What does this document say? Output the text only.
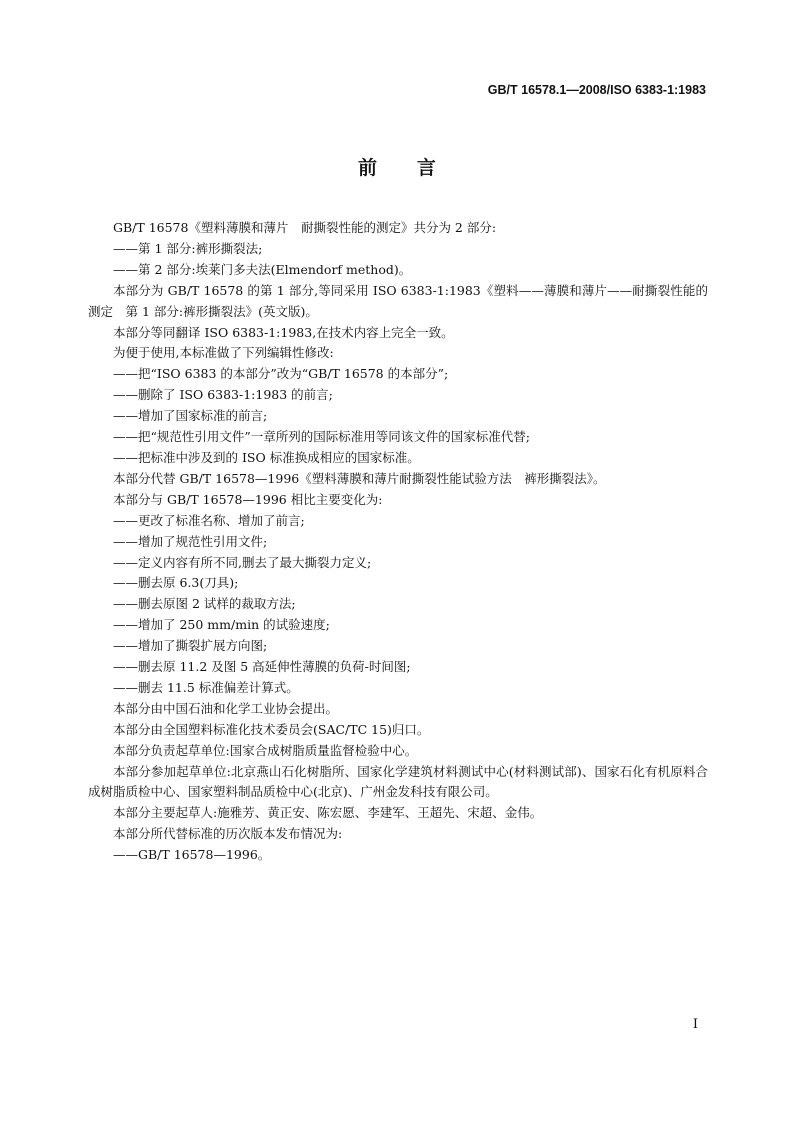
GB/T 16578.1—2008/ISO 6383-1:1983
前言

GB/T 16578《塑料薄膜和薄片　耐撕裂性能的测定》共分为 2 部分:

——第 1 部分:裤形撕裂法;

——第 2 部分:埃莱门多夫法(Elmendorf method)。

本部分为 GB/T 16578 的第 1 部分,等同采用 ISO 6383-1:1983《塑料——薄膜和薄片——耐撕裂性能的测定　第 1 部分:裤形撕裂法》(英文版)。

本部分等同翻译 ISO 6383-1:1983,在技术内容上完全一致。

为便于使用,本标准做了下列编辑性修改:

——把“ISO 6383 的本部分”改为“GB/T 16578 的本部分”;

——删除了 ISO 6383-1:1983 的前言;

——增加了国家标准的前言;

——把“规范性引用文件”一章所列的国际标准用等同该文件的国家标准代替;

——把标准中涉及到的 ISO 标准换成相应的国家标准。

本部分代替 GB/T 16578—1996《塑料薄膜和薄片耐撕裂性能试验方法　裤形撕裂法》。

本部分与 GB/T 16578—1996 相比主要变化为:

——更改了标准名称、增加了前言;

——增加了规范性引用文件;

——定义内容有所不同,删去了最大撕裂力定义;

——删去原 6.3(刀具);

——删去原图 2 试样的裁取方法;

——增加了 250 mm/min 的试验速度;

——增加了撕裂扩展方向图;

——删去原 11.2 及图 5 高延伸性薄膜的负荷-时间图;

——删去 11.5 标准偏差计算式。

本部分由中国石油和化学工业协会提出。

本部分由全国塑料标准化技术委员会(SAC/TC 15)归口。

本部分负责起草单位:国家合成树脂质量监督检验中心。

本部分参加起草单位:北京燕山石化树脂所、国家化学建筑材料测试中心(材料测试部)、国家石化有机原料合成树脂质检中心、国家塑料制品质检中心(北京)、广州金发科技有限公司。

本部分主要起草人:施雅芳、黄正安、陈宏愿、李建军、王超先、宋超、金伟。

本部分所代替标准的历次版本发布情况为:

——GB/T 16578—1996。

I
